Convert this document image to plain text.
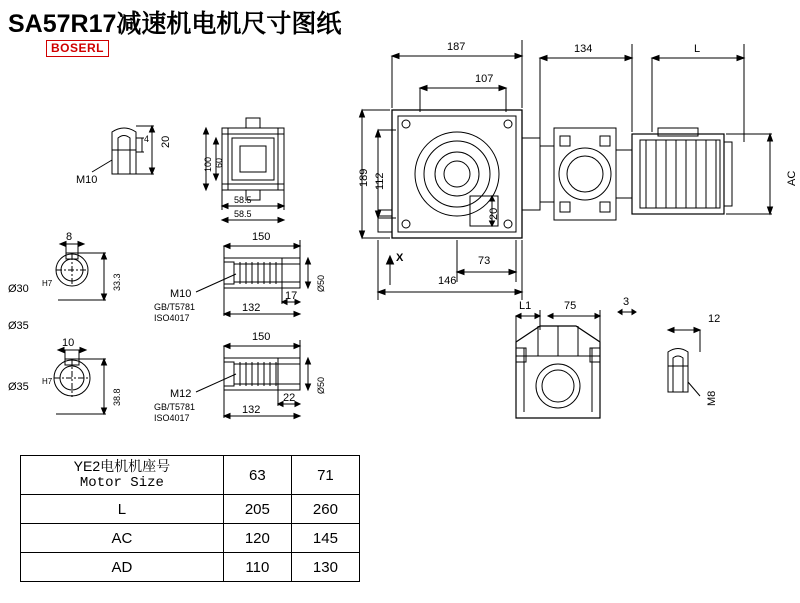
SA57R17减速机电机尺寸图纸
BOSERL	187
107
134	L
189 112
20
AC
73
146
X
20
4
M10
100 60
58.5
58.5
8
Ø30 H7	33.3
Ø35
10
Ø35 H7
38.8
150
17
132
Ø50
M10
GB/T5781
ISO4017
150
22
132
Ø50
M12
GB/T5781
ISO4017
L1	75	3
12
M8
YE2电机机座号
Motor Size	63	71
L	205	260
AC	120	145
AD	110	130
